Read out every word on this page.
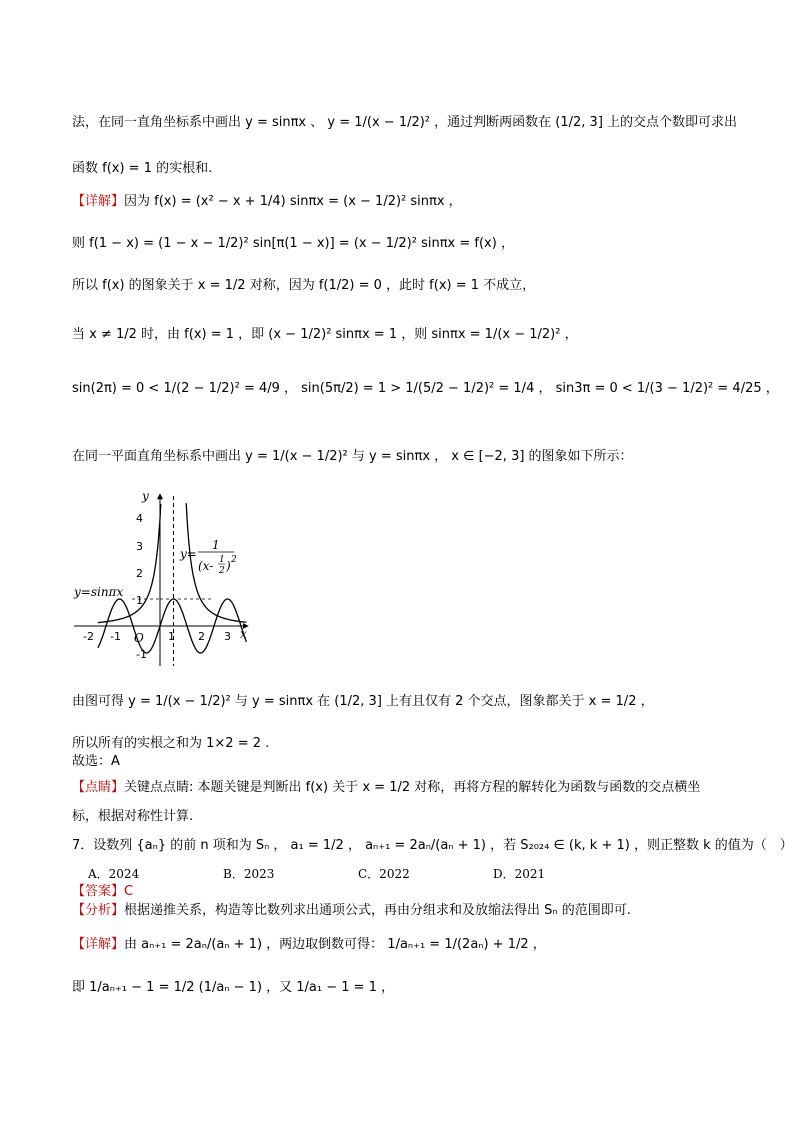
法，在同一直角坐标系中画出 y = sinπx 、 y = 1/(x − 1/2)² ，通过判断两函数在 (1/2, 3] 上的交点个数即可求出
函数 f(x) = 1 的实根和.
【详解】因为 f(x) = (x² − x + 1/4) sinπx = (x − 1/2)² sinπx ，
则 f(1 − x) = (1 − x − 1/2)² sin[π(1 − x)] = (x − 1/2)² sinπx = f(x) ，
所以 f(x) 的图象关于 x = 1/2 对称，因为 f(1/2) = 0 ，此时 f(x) = 1 不成立，
当 x ≠ 1/2 时，由 f(x) = 1 ，即 (x − 1/2)² sinπx = 1 ，则 sinπx = 1/(x − 1/2)² ，
sin(2π) = 0 < 1/(2 − 1/2)² = 4/9 ， sin(5π/2) = 1 > 1/(5/2 − 1/2)² = 1/4 ， sin3π = 0 < 1/(3 − 1/2)² = 4/25 ，
在同一平面直角坐标系中画出 y = 1/(x − 1/2)² 与 y = sinπx ， x ∈ [−2, 3] 的图象如下所示：
y
x
O
-2 -1	1 2 3
4
3
2
1
-1
y=sinπx
y=
1
(x- 1
2 ) 2
由图可得 y = 1/(x − 1/2)² 与 y = sinπx 在 (1/2, 3] 上有且仅有 2 个交点，图象都关于 x = 1/2 ，
所以所有的实根之和为 1×2 = 2 .
故选：A
【点睛】关键点点睛: 本题关键是判断出 f(x) 关于 x = 1/2 对称，再将方程的解转化为函数与函数的交点横坐
标，根据对称性计算.
7．设数列 {aₙ} 的前 n 项和为 Sₙ ， a₁ = 1/2 ， aₙ₊₁ = 2aₙ/(aₙ + 1) ，若 S₂₀₂₄ ∈ (k, k + 1) ，则正整数 k 的值为（　）
A．2024	B．2023	C．2022	D．2021
【答案】C
【分析】根据递推关系，构造等比数列求出通项公式，再由分组求和及放缩法得出 Sₙ 的范围即可.
【详解】由 aₙ₊₁ = 2aₙ/(aₙ + 1) ，两边取倒数可得： 1/aₙ₊₁ = 1/(2aₙ) + 1/2 ，
即 1/aₙ₊₁ − 1 = 1/2 (1/aₙ − 1) ，又 1/a₁ − 1 = 1 ，
